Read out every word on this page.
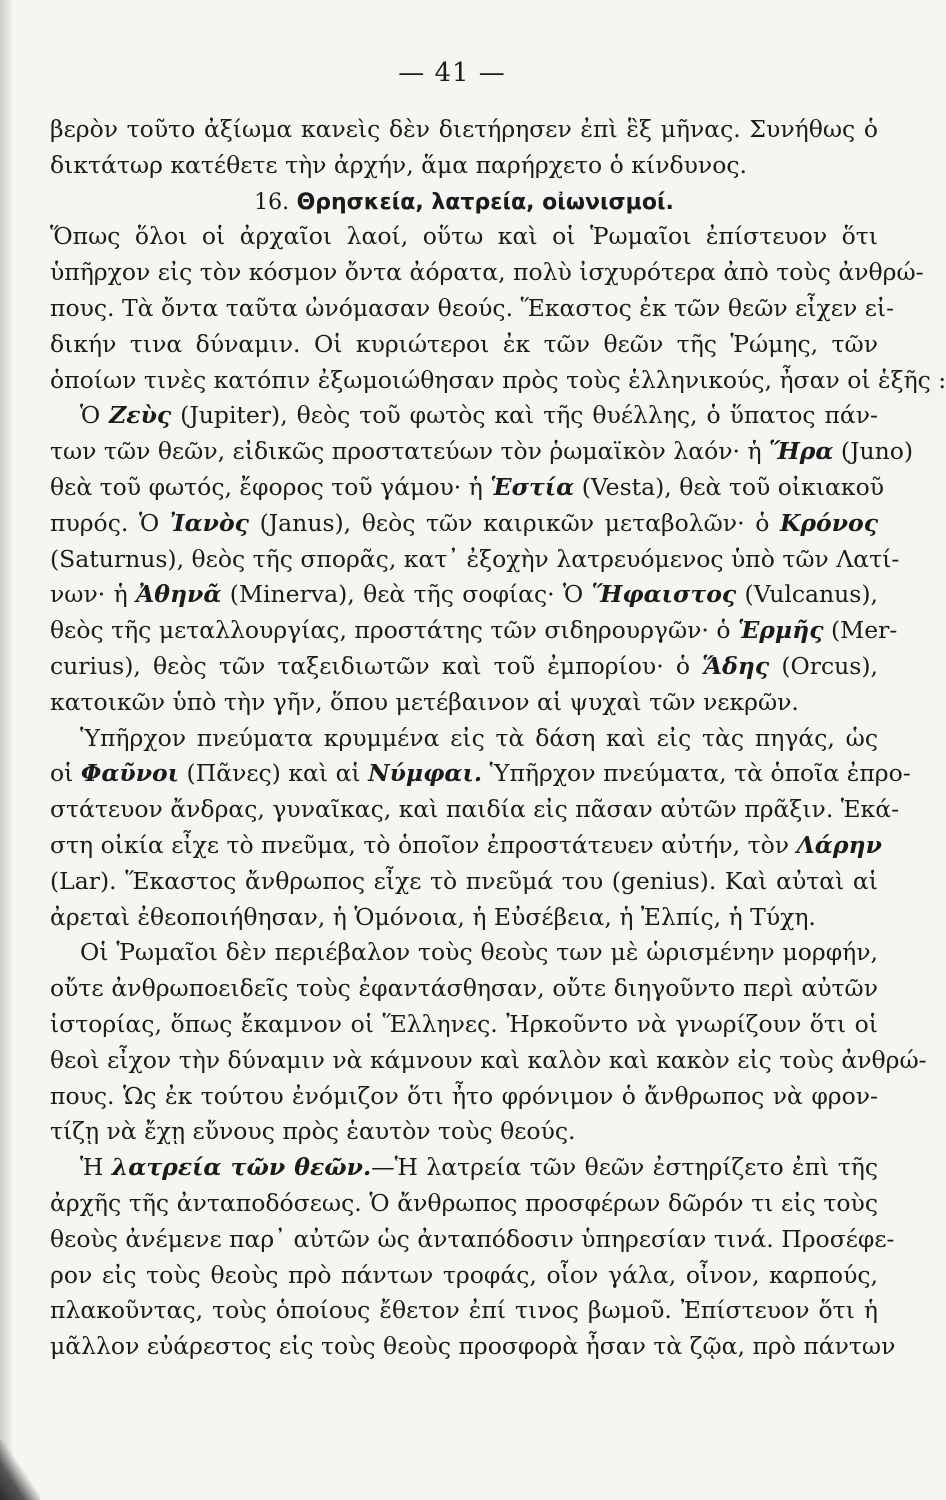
— 41 —
βερὸν τοῦτο ἀξίωμα κανεὶς δὲν διετήρησεν ἐπὶ ἓξ μῆνας. Συνήθως ὁ
δικτάτωρ κατέθετε τὴν ἀρχήν, ἅμα παρήρχετο ὁ κίνδυνος.
16. Θρησκεία, λατρεία, οἰωνισμοί.
Ὅπως ὅλοι οἱ ἀρχαῖοι λαοί, οὕτω καὶ οἱ Ῥωμαῖοι ἐπίστευον ὅτι
ὑπῆρχον εἰς τὸν κόσμον ὄντα ἀόρατα, πολὺ ἰσχυρότερα ἀπὸ τοὺς ἀνθρώ-
πους. Τὰ ὄντα ταῦτα ὠνόμασαν θεούς. Ἕκαστος ἐκ τῶν θεῶν εἶχεν εἰ-
δικήν τινα δύναμιν. Οἱ κυριώτεροι ἐκ τῶν θεῶν τῆς Ῥώμης, τῶν
ὁποίων τινὲς κατόπιν ἐξωμοιώθησαν πρὸς τοὺς ἑλληνικούς, ἦσαν οἱ ἑξῆς :
Ὁ Ζεὺς (Jupiter), θεὸς τοῦ φωτὸς καὶ τῆς θυέλλης, ὁ ὕπατος πάν-
των τῶν θεῶν, εἰδικῶς προστατεύων τὸν ῥωμαϊκὸν λαόν· ἡ Ἥρα (Juno)
θεὰ τοῦ φωτός, ἔφορος τοῦ γάμου· ἡ Ἑστία (Vesta), θεὰ τοῦ οἰκιακοῦ
πυρός. Ὁ Ἰανὸς (Janus), θεὸς τῶν καιρικῶν μεταβολῶν· ὁ Κρόνος
(Saturnus), θεὸς τῆς σπορᾶς, κατ᾿ ἐξοχὴν λατρευόμενος ὑπὸ τῶν Λατί-
νων· ἡ Ἀθηνᾶ (Minerva), θεὰ τῆς σοφίας· Ὁ Ἥφαιστος (Vulcanus),
θεὸς τῆς μεταλλουργίας, προστάτης τῶν σιδηρουργῶν· ὁ Ἑρμῆς (Mer-
curius), θεὸς τῶν ταξειδιωτῶν καὶ τοῦ ἐμπορίου· ὁ Ἅδης (Orcus),
κατοικῶν ὑπὸ τὴν γῆν, ὅπου μετέβαινον αἱ ψυχαὶ τῶν νεκρῶν.
Ὑπῆρχον πνεύματα κρυμμένα εἰς τὰ δάση καὶ εἰς τὰς πηγάς, ὡς
οἱ Φαῦνοι (Πᾶνες) καὶ αἱ Νύμφαι. Ὑπῆρχον πνεύματα, τὰ ὁποῖα ἐπρο-
στάτευον ἄνδρας, γυναῖκας, καὶ παιδία εἰς πᾶσαν αὐτῶν πρᾶξιν. Ἑκά-
στη οἰκία εἶχε τὸ πνεῦμα, τὸ ὁποῖον ἐπροστάτευεν αὐτήν, τὸν Λάρην
(Lar). Ἕκαστος ἄνθρωπος εἶχε τὸ πνεῦμά του (genius). Καὶ αὐταὶ αἱ
ἀρεταὶ ἐθεοποιήθησαν, ἡ Ὁμόνοια, ἡ Εὐσέβεια, ἡ Ἐλπίς, ἡ Τύχη.
Οἱ Ῥωμαῖοι δὲν περιέβαλον τοὺς θεοὺς των μὲ ὡρισμένην μορφήν,
οὔτε ἀνθρωποειδεῖς τοὺς ἐφαντάσθησαν, οὔτε διηγοῦντο περὶ αὐτῶν
ἱστορίας, ὅπως ἔκαμνον οἱ Ἕλληνες. Ἠρκοῦντο νὰ γνωρίζουν ὅτι οἱ
θεοὶ εἶχον τὴν δύναμιν νὰ κάμνουν καὶ καλὸν καὶ κακὸν εἰς τοὺς ἀνθρώ-
πους. Ὡς ἐκ τούτου ἐνόμιζον ὅτι ἦτο φρόνιμον ὁ ἄνθρωπος νὰ φρον-
τίζῃ νὰ ἔχῃ εὔνους πρὸς ἑαυτὸν τοὺς θεούς.
Ἡ λατρεία τῶν θεῶν.—Ἡ λατρεία τῶν θεῶν ἐστηρίζετο ἐπὶ τῆς
ἀρχῆς τῆς ἀνταποδόσεως. Ὁ ἄνθρωπος προσφέρων δῶρόν τι εἰς τοὺς
θεοὺς ἀνέμενε παρ᾿ αὐτῶν ὡς ἀνταπόδοσιν ὑπηρεσίαν τινά. Προσέφε-
ρον εἰς τοὺς θεοὺς πρὸ πάντων τροφάς, οἷον γάλα, οἶνον, καρπούς,
πλακοῦντας, τοὺς ὁποίους ἔθετον ἐπί τινος βωμοῦ. Ἐπίστευον ὅτι ἡ
μᾶλλον εὐάρεστος εἰς τοὺς θεοὺς προσφορὰ ἦσαν τὰ ζῷα, πρὸ πάντων
